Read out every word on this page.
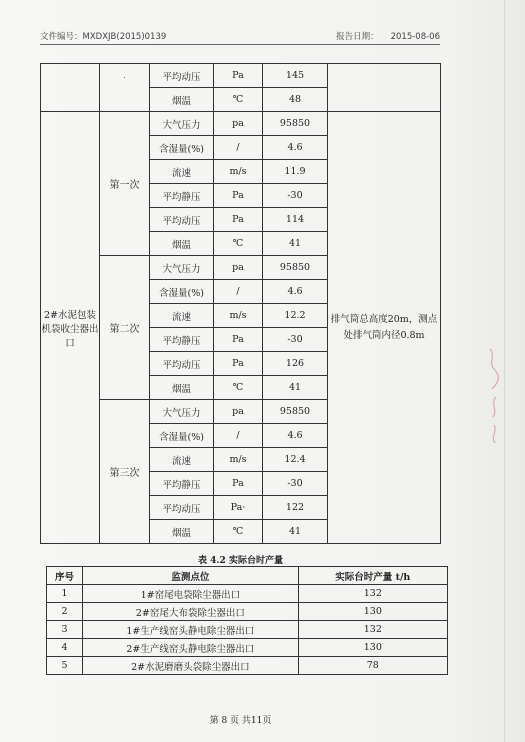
文件编号：MXDXJB(2015)0139	报告日期： 2015-08-06
	˙	平均动压	Pa	145	
		烟温	℃	48	
2#水泥包装机袋收尘器出口	第一次	大气压力	pa	95850	排气筒总高度20m，测点处排气筒内径0.8m
		含湿量(%)	/	4.6	
		流速	m/s	11.9	
		平均静压	Pa	-30	
		平均动压	Pa	114	
		烟温	℃	41	
	第二次	大气压力	pa	95850	
		含湿量(%)	/	4.6	
		流速	m/s	12.2	
		平均静压	Pa	-30	
		平均动压	Pa	126	
		烟温	℃	41	
	第三次	大气压力	pa	95850	
		含湿量(%)	/	4.6	
		流速	m/s	12.4	
		平均静压	Pa	-30	
		平均动压	Pa·	122	
		烟温	℃	41	
表 4.2 实际台时产量
序号	监测点位	实际台时产量 t/h
1	1#窑尾电袋除尘器出口	132
2	2#窑尾大布袋除尘器出口	130
3	1#生产线窑头静电除尘器出口	132
4	2#生产线窑头静电除尘器出口	130
5	2#水泥磨磨头袋除尘器出口	78
第 8 页 共11页
